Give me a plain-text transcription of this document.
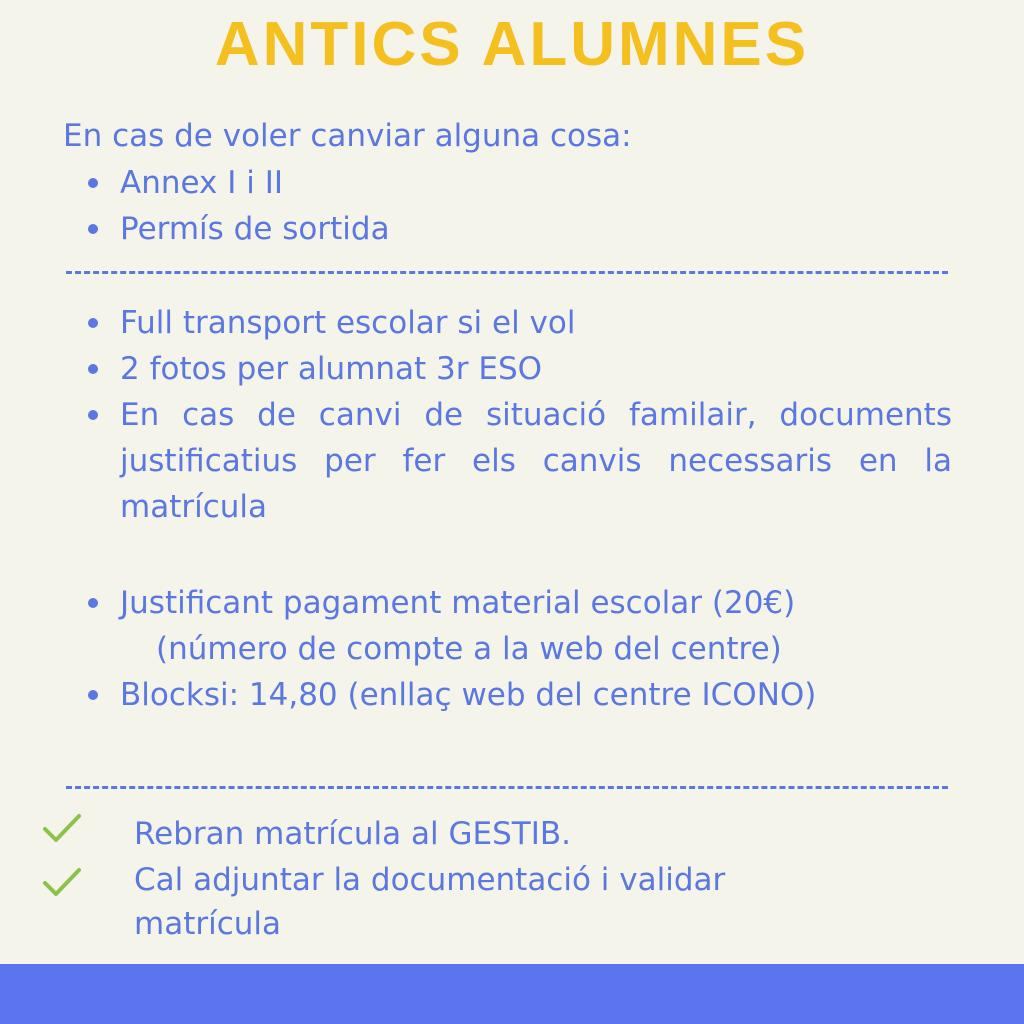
ANTICS ALUMNES
En cas de voler canviar alguna cosa:
Annex I i II
Permís de sortida
Full transport escolar si el vol
2 fotos per alumnat 3r ESO
En cas de canvi de situació familair, documents justificatius per fer els canvis necessaris en la matrícula
Justificant pagament material escolar (20€)
(número de compte a la web del centre)
Blocksi: 14,80 (enllaç web del centre ICONO)
Rebran matrícula al GESTIB.
Cal adjuntar la documentació i validar matrícula
